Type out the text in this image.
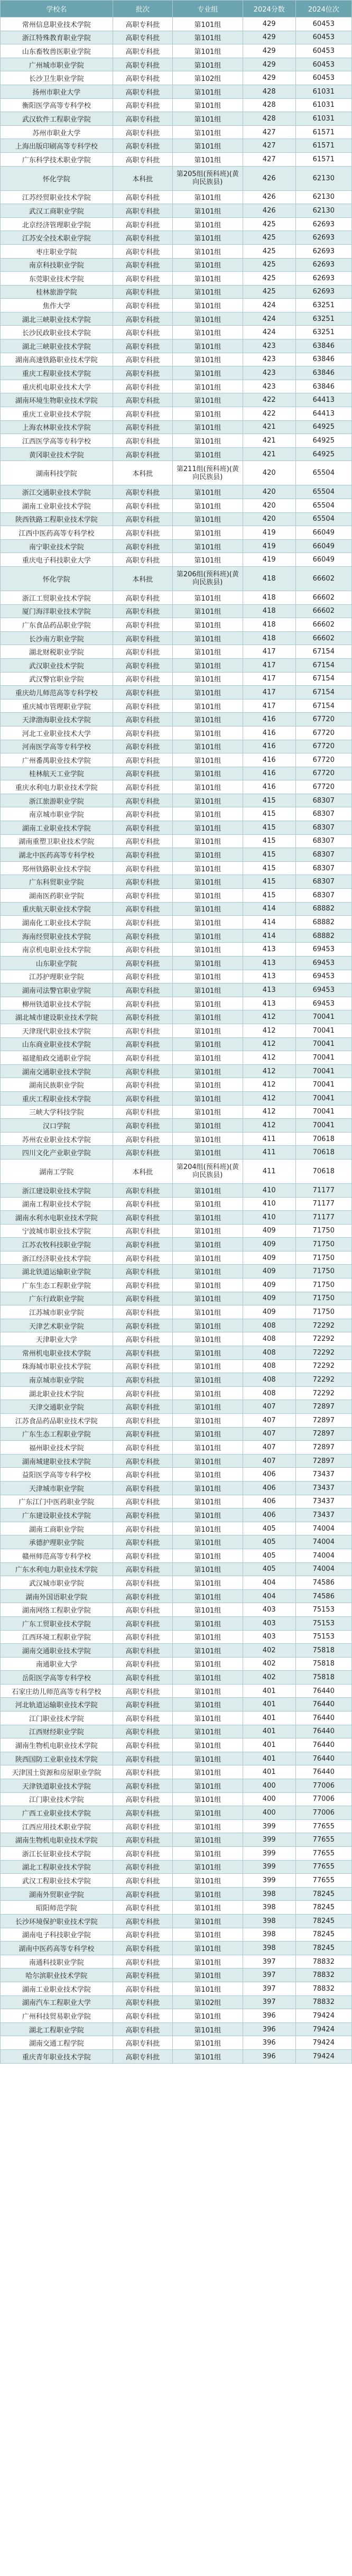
学校名	批次	专业组	2024分数	2024位次
常州信息职业技术学院	高职专科批	第101组	429	60453
浙江特殊教育职业学院	高职专科批	第101组	429	60453
山东畜牧兽医职业学院	高职专科批	第101组	429	60453
广州城市职业学院	高职专科批	第101组	429	60453
长沙卫生职业学院	高职专科批	第102组	429	60453
扬州市职业大学	高职专科批	第101组	428	61031
衡阳医学高等专科学校	高职专科批	第101组	428	61031
武汉软件工程职业学院	高职专科批	第101组	428	61031
苏州市职业大学	高职专科批	第101组	427	61571
上海出版印刷高等专科学校	高职专科批	第101组	427	61571
广东科学技术职业学院	高职专科批	第101组	427	61571
怀化学院	本科批	第205组(预科班)(黄向民族县)	426	62130
江苏经贸职业技术学院	高职专科批	第101组	426	62130
武汉工商职业学院	高职专科批	第101组	426	62130
北京经济管理职业学院	高职专科批	第101组	425	62693
江苏安全技术职业学院	高职专科批	第101组	425	62693
枣庄职业学院	高职专科批	第101组	425	62693
南京科技职业学院	高职专科批	第101组	425	62693
东莞职业技术学院	高职专科批	第101组	425	62693
桂林旅游学院	高职专科批	第101组	425	62693
焦作大学	高职专科批	第101组	424	63251
湖北三峡职业技术学院	高职专科批	第101组	424	63251
长沙民政职业技术学院	高职专科批	第101组	424	63251
湖北三峡职业技术学院	高职专科批	第101组	423	63846
湖南高速铁路职业技术学院	高职专科批	第101组	423	63846
重庆工程职业技术学院	高职专科批	第101组	423	63846
重庆机电职业技术大学	高职专科批	第101组	423	63846
湖南环境生物职业技术学院	高职专科批	第101组	422	64413
重庆工业职业技术学院	高职专科批	第101组	422	64413
上海农林职业技术学院	高职专科批	第101组	421	64925
江西医学高等专科学校	高职专科批	第101组	421	64925
黄冈职业技术学院	高职专科批	第101组	421	64925
湖南科技学院	本科批	第211组(预科班)(黄向民族县)	420	65504
浙江交通职业技术学院	高职专科批	第101组	420	65504
湖南工业职业技术学院	高职专科批	第101组	420	65504
陕西铁路工程职业技术学院	高职专科批	第101组	420	65504
江西中医药高等专科学校	高职专科批	第101组	419	66049
南宁职业技术学院	高职专科批	第101组	419	66049
重庆电子科技职业大学	高职专科批	第101组	419	66049
怀化学院	本科批	第206组(预科班)(黄向民族县)	418	66602
浙江工贸职业技术学院	高职专科批	第101组	418	66602
厦门海洋职业技术学院	高职专科批	第101组	418	66602
广东食品药品职业学院	高职专科批	第101组	418	66602
长沙南方职业学院	高职专科批	第101组	418	66602
湖北财税职业学院	高职专科批	第101组	417	67154
武汉职业技术学院	高职专科批	第101组	417	67154
武汉警官职业学院	高职专科批	第101组	417	67154
重庆幼儿师范高等专科学校	高职专科批	第101组	417	67154
重庆城市管理职业学院	高职专科批	第101组	417	67154
天津渤海职业技术学院	高职专科批	第101组	416	67720
河北工业职业技术大学	高职专科批	第101组	416	67720
河南医学高等专科学校	高职专科批	第101组	416	67720
广州番禺职业技术学院	高职专科批	第101组	416	67720
桂林航天工业学院	高职专科批	第101组	416	67720
重庆水利电力职业技术学院	高职专科批	第101组	416	67720
浙江旅游职业学院	高职专科批	第101组	415	68307
南京城市职业学院	高职专科批	第101组	415	68307
湖南工业职业技术学院	高职专科批	第101组	415	68307
湖南重塑卫职业技术学院	高职专科批	第101组	415	68307
湖北中医药高等专科学校	高职专科批	第101组	415	68307
郑州铁路职业技术学院	高职专科批	第101组	415	68307
广东科贸职业学院	高职专科批	第101组	415	68307
湖南医药职业学院	高职专科批	第101组	415	68307
重庆航天职业技术学院	高职专科批	第101组	414	68882
湖南化工职业技术学院	高职专科批	第101组	414	68882
海南经贸职业技术学院	高职专科批	第101组	414	68882
南京机电职业技术学院	高职专科批	第101组	413	69453
山东职业学院	高职专科批	第101组	413	69453
江苏护理职业学院	高职专科批	第101组	413	69453
湖南司法警官职业学院	高职专科批	第101组	413	69453
柳州铁道职业技术学院	高职专科批	第101组	413	69453
湖北城市建设职业技术学院	高职专科批	第101组	412	70041
天津现代职业技术学院	高职专科批	第101组	412	70041
山东商业职业技术学院	高职专科批	第101组	412	70041
福建船政交通职业学院	高职专科批	第101组	412	70041
湖南交通职业技术学院	高职专科批	第101组	412	70041
湖南民族职业学院	高职专科批	第101组	412	70041
重庆工程职业技术学院	高职专科批	第101组	412	70041
三峡大学科技学院	高职专科批	第101组	412	70041
汉口学院	高职专科批	第101组	412	70041
苏州农业职业技术学院	高职专科批	第101组	411	70618
四川文化产业职业学院	高职专科批	第101组	411	70618
湖南工学院	本科批	第204组(预科班)(黄向民族县)	411	70618
浙江建设职业技术学院	高职专科批	第101组	410	71177
湖南工程职业技术学院	高职专科批	第101组	410	71177
湖南水利水电职业技术学院	高职专科批	第101组	410	71177
宁波城市职业技术学院	高职专科批	第101组	409	71750
江苏农牧科技职业学院	高职专科批	第101组	409	71750
浙江经济职业技术学院	高职专科批	第101组	409	71750
湖北铁道运输职业学院	高职专科批	第101组	409	71750
广东生态工程职业学院	高职专科批	第101组	409	71750
广东行政职业学院	高职专科批	第101组	409	71750
江苏城市职业学院	高职专科批	第101组	409	71750
天津艺术职业学院	高职专科批	第101组	408	72292
天津职业大学	高职专科批	第101组	408	72292
常州机电职业技术学院	高职专科批	第101组	408	72292
珠海城市职业技术学院	高职专科批	第101组	408	72292
南京城市职业学院	高职专科批	第101组	408	72292
湖北职业技术学院	高职专科批	第101组	408	72292
天津交通职业学院	高职专科批	第101组	407	72897
江苏食品药品职业技术学院	高职专科批	第101组	407	72897
广东生态工程职业学院	高职专科批	第101组	407	72897
福州职业技术学院	高职专科批	第101组	407	72897
湖南城建职业技术学院	高职专科批	第101组	407	72897
益阳医学高等专科学校	高职专科批	第101组	406	73437
天津城市职业学院	高职专科批	第101组	406	73437
广东江门中医药职业学院	高职专科批	第101组	406	73437
广东建设职业技术学院	高职专科批	第101组	406	73437
湖南工商职业学院	高职专科批	第101组	405	74004
承德护理职业学院	高职专科批	第101组	405	74004
赣州师范高等专科学校	高职专科批	第101组	405	74004
广东水利电力职业技术学院	高职专科批	第101组	405	74004
武汉城市职业学院	高职专科批	第101组	404	74586
湖南外国语职业学院	高职专科批	第101组	404	74586
湖南网络工程职业学院	高职专科批	第101组	403	75153
广东工贸职业技术学院	高职专科批	第101组	403	75153
江西环境工程职业学院	高职专科批	第101组	403	75153
湖南交通职业技术学院	高职专科批	第101组	402	75818
南通职业大学	高职专科批	第101组	402	75818
岳阳医学高等专科学校	高职专科批	第101组	402	75818
石家庄幼儿师范高等专科学校	高职专科批	第101组	401	76440
河北轨道运输职业技术学院	高职专科批	第101组	401	76440
江门职业技术学院	高职专科批	第101组	401	76440
江西财经职业学院	高职专科批	第101组	401	76440
湖南生物机电职业技术学院	高职专科批	第101组	401	76440
陕西国防工业职业技术学院	高职专科批	第101组	401	76440
天津国土资源和房屋职业学院	高职专科批	第101组	401	76440
天津铁道职业技术学院	高职专科批	第101组	400	77006
江门职业技术学院	高职专科批	第101组	400	77006
广西工业职业技术学院	高职专科批	第101组	400	77006
江西应用技术职业学院	高职专科批	第101组	399	77655
湖南生物机电职业技术学院	高职专科批	第101组	399	77655
浙江长征职业技术学院	高职专科批	第101组	399	77655
湖北工程职业技术学院	高职专科批	第101组	399	77655
武汉工程职业技术学院	高职专科批	第101组	399	77655
湖南外贸职业学院	高职专科批	第101组	398	78245
昭阳师范学院	高职专科批	第101组	398	78245
长沙环境保护职业技术学院	高职专科批	第101组	398	78245
湖南电子科技职业学院	高职专科批	第101组	398	78245
湖南中医药高等专科学校	高职专科批	第101组	398	78245
南通科技职业学院	高职专科批	第101组	397	78832
哈尔滨职业技术学院	高职专科批	第101组	397	78832
湖南工业职业技术学院	高职专科批	第101组	397	78832
湖南汽车工程职业大学	高职专科批	第102组	397	78832
广州科技贸易职业学院	高职专科批	第101组	396	79424
湖北工程职业学院	高职专科批	第101组	396	79424
湖南交通工程学院	高职专科批	第101组	396	79424
重庆青年职业技术学院	高职专科批	第101组	396	79424
